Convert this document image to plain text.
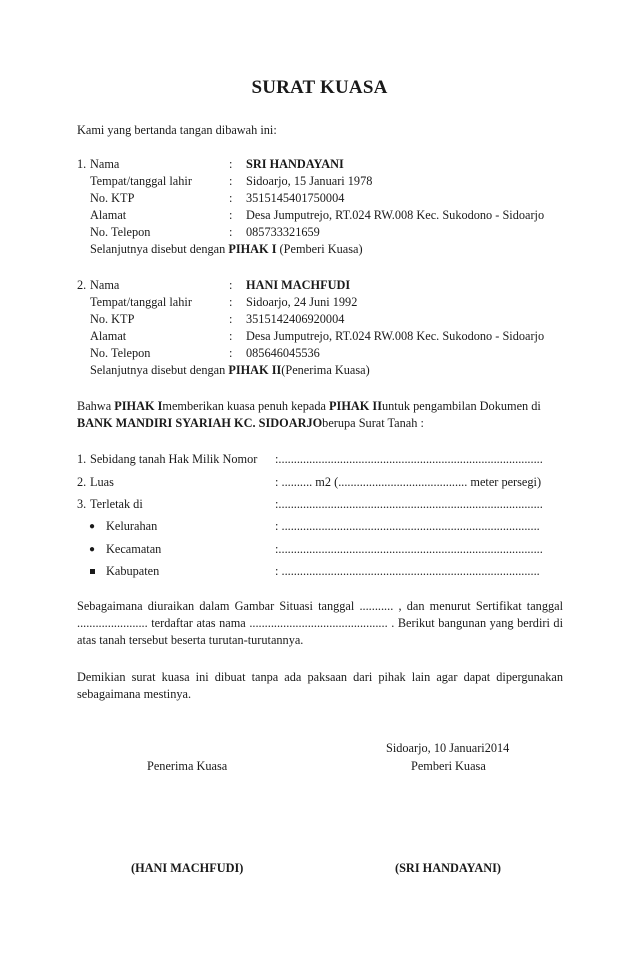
SURAT KUASA
Kami yang bertanda tangan dibawah ini:
1. Nama	: SRI HANDAYANI
Tempat/tanggal lahir	: Sidoarjo, 15 Januari 1978
No. KTP	: 3515145401750004
Alamat	: Desa Jumputrejo, RT.024 RW.008 Kec. Sukodono - Sidoarjo
No. Telepon	: 085733321659
Selanjutnya disebut dengan PIHAK I (Pemberi Kuasa)
2. Nama	: HANI MACHFUDI
Tempat/tanggal lahir	: Sidoarjo, 24 Juni 1992
No. KTP	: 3515142406920004
Alamat	: Desa Jumputrejo, RT.024 RW.008 Kec. Sukodono - Sidoarjo
No. Telepon	: 085646045536
Selanjutnya disebut dengan PIHAK II(Penerima Kuasa)
Bahwa PIHAK Imemberikan kuasa penuh kepada PIHAK IIuntuk pengambilan Dokumen di
BANK MANDIRI SYARIAH KC. SIDOARJOberupa Surat Tanah :
1. Sebidang tanah Hak Milik Nomor :......................................................................................
2. Luas	: .......... m2 (.......................................... meter persegi)
3. Terletak di	:......................................................................................
● Kelurahan	: ....................................................................................
● Kecamatan	:......................................................................................
Kabupaten	: ....................................................................................
Sebagaimana diuraikan dalam Gambar Situasi tanggal ........... , dan menurut Sertifikat tanggal ....................... terdaftar atas nama ............................................. . Berikut bangunan yang berdiri di atas tanah tersebut beserta turutan-turutannya.
Demikian surat kuasa ini dibuat tanpa ada paksaan dari pihak lain agar dapat dipergunakan sebagaimana mestinya.
Sidoarjo, 10 Januari2014
Penerima Kuasa	Pemberi Kuasa
(HANI MACHFUDI)	(SRI HANDAYANI)
